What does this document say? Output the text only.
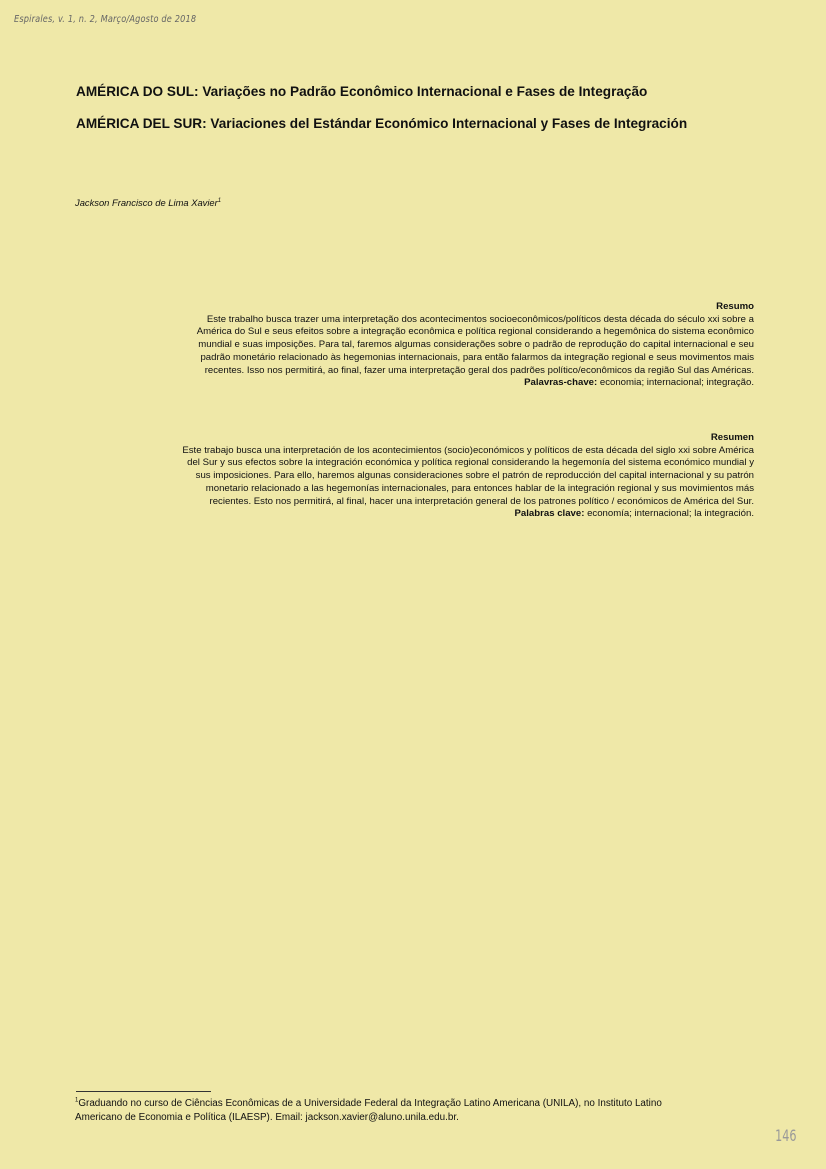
Espirales, v. 1, n. 2, Março/Agosto de 2018
AMÉRICA DO SUL: Variações no Padrão Econômico Internacional e Fases de Integração
AMÉRICA DEL SUR: Variaciones del Estándar Económico Internacional y Fases de Integración
Jackson Francisco de Lima Xavier$^1$
Resumo
Este trabalho busca trazer uma interpretação dos acontecimentos socioeconômicos/políticos desta década do século xxi sobre a
América do Sul e seus efeitos sobre a integração econômica e política regional considerando a hegemônica do sistema econômico
mundial e suas imposições. Para tal, faremos algumas considerações sobre o padrão de reprodução do capital internacional e seu
padrão monetário relacionado às hegemonias internacionais, para então falarmos da integração regional e seus movimentos mais
recentes. Isso nos permitirá, ao final, fazer uma interpretação geral dos padrões político/econômicos da região Sul das Américas.
Palavras-chave: economia; internacional; integração.
Resumen
Este trabajo busca una interpretación de los acontecimientos (socio)económicos y políticos de esta década del siglo xxi sobre América
del Sur y sus efectos sobre la integración económica y política regional considerando la hegemonía del sistema económico mundial y
sus imposiciones. Para ello, haremos algunas consideraciones sobre el patrón de reproducción del capital internacional y su patrón
monetario relacionado a las hegemonías internacionales, para entonces hablar de la integración regional y sus movimientos más
recientes. Esto nos permitirá, al final, hacer una interpretación general de los patrones político / económicos de América del Sur.
Palabras clave: economía; internacional; la integración.
$^1$Graduando no curso de Ciências Econômicas de a Universidade Federal da Integração Latino Americana (UNILA), no Instituto Latino
Americano de Economia e Política (ILAESP). Email: jackson.xavier@aluno.unila.edu.br.
146
